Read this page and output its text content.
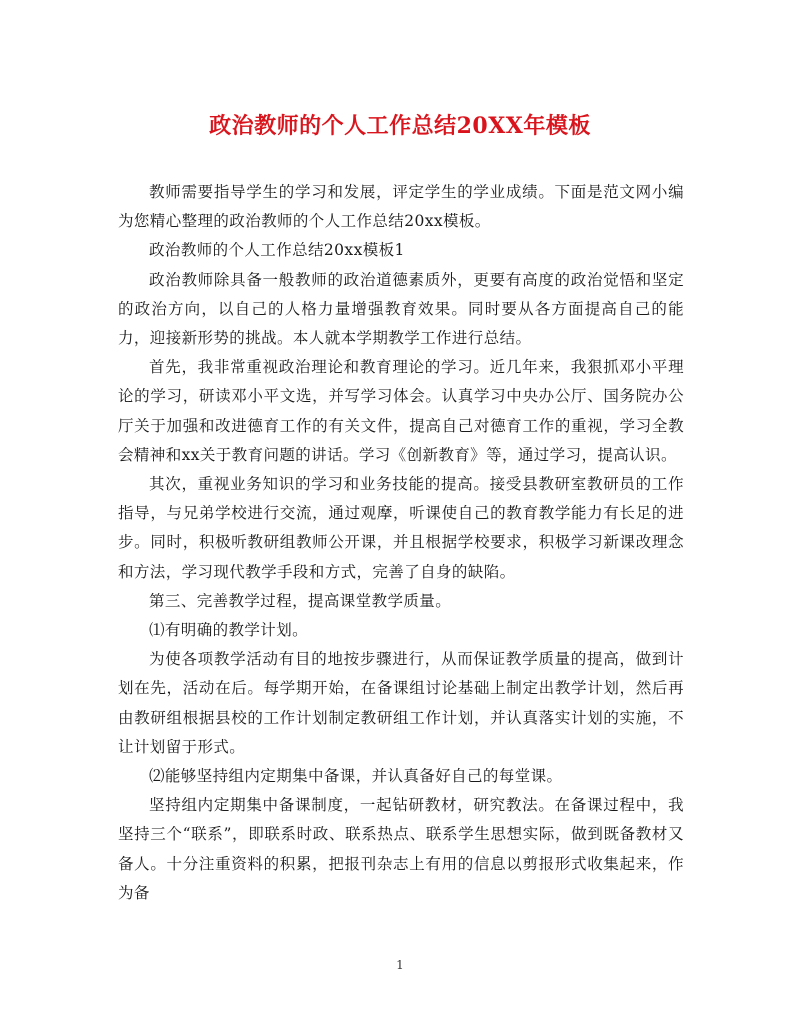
政治教师的个人工作总结20XX年模板

教师需要指导学生的学习和发展，评定学生的学业成绩。下面是范文网小编为您精心整理的政治教师的个人工作总结20xx模板。

政治教师的个人工作总结20xx模板1

政治教师除具备一般教师的政治道德素质外，更要有高度的政治觉悟和坚定的政治方向，以自己的人格力量增强教育效果。同时要从各方面提高自己的能力，迎接新形势的挑战。本人就本学期教学工作进行总结。

首先，我非常重视政治理论和教育理论的学习。近几年来，我狠抓邓小平理论的学习，研读邓小平文选，并写学习体会。认真学习中央办公厅、国务院办公厅关于加强和改进德育工作的有关文件，提高自己对德育工作的重视，学习全教会精神和xx关于教育问题的讲话。学习《创新教育》等，通过学习，提高认识。

其次，重视业务知识的学习和业务技能的提高。接受县教研室教研员的工作指导，与兄弟学校进行交流，通过观摩，听课使自己的教育教学能力有长足的进步。同时，积极听教研组教师公开课，并且根据学校要求，积极学习新课改理念和方法，学习现代教学手段和方式，完善了自身的缺陷。

第三、完善教学过程，提高课堂教学质量。

⑴有明确的教学计划。

为使各项教学活动有目的地按步骤进行，从而保证教学质量的提高，做到计划在先，活动在后。每学期开始，在备课组讨论基础上制定出教学计划，然后再由教研组根据县校的工作计划制定教研组工作计划，并认真落实计划的实施，不让计划留于形式。

⑵能够坚持组内定期集中备课，并认真备好自己的每堂课。

坚持组内定期集中备课制度，一起钻研教材，研究教法。在备课过程中，我坚持三个“联系”，即联系时政、联系热点、联系学生思想实际，做到既备教材又备人。十分注重资料的积累，把报刊杂志上有用的信息以剪报形式收集起来，作为备

1
